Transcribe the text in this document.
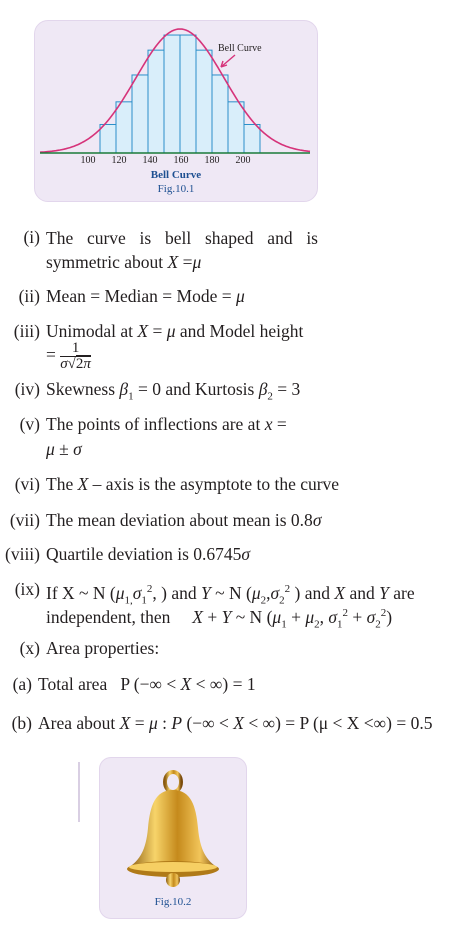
100 120 140 160 180 200
Bell Curve
Bell Curve
Fig.10.1
(i) The curve is bell shaped and is symmetric about X =μ
(ii) Mean = Median = Mode = μ
(iii) Unimodal at X = μ and Model height
= $\frac{1}{\sigma√2\pi}$
(iv) Skewness $\beta_1 = 0$ and Kurtosis $\beta_2 = 3$
(v) The points of inflections are at x =
μ ± σ
(vi) The X – axis is the asymptote to the curve
(vii) The mean deviation about mean is 0.8σ
(viii) Quartile deviation is 0.6745σ
(ix) If X ~ N ($\mu_{1,}\sigma_1^2$, ) and Y ~ N ($\mu_2,\sigma_2^2$ ) and X and Y are
independent, then     X + Y ~ N ($\mu_1 + \mu_2$, $\sigma_1^2 + \sigma_2^2$)
(x) Area properties:
(a) Total area   P (−∞ < X < ∞) = 1
(b) Area about X = μ : P (−∞ < X < ∞) = P (μ < X <∞) = 0.5
Fig.10.2
